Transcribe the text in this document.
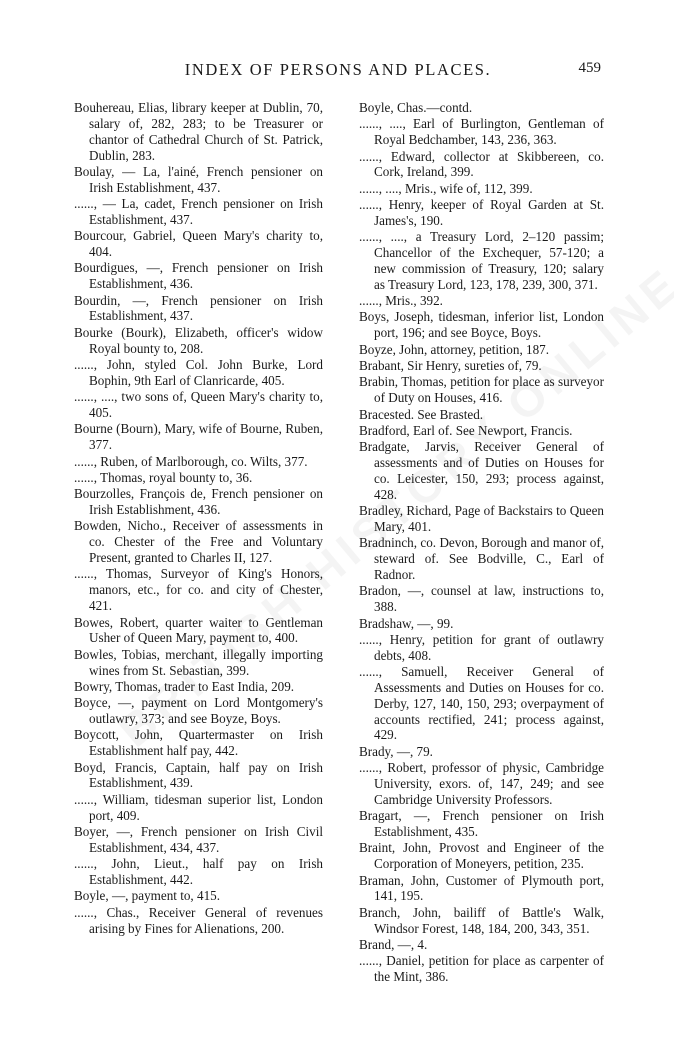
INDEX OF PERSONS AND PLACES.	459

Bouhereau, Elias, library keeper at Dublin, 70, salary of, 282, 283; to be Treasurer or chantor of Cathedral Church of St. Patrick, Dublin, 283.

Boulay, — La, l'ainé, French pensioner on Irish Establishment, 437.

......, — La, cadet, French pensioner on Irish Establishment, 437.

Bourcour, Gabriel, Queen Mary's charity to, 404.

Bourdigues, —, French pensioner on Irish Establishment, 436.

Bourdin, —, French pensioner on Irish Establishment, 437.

Bourke (Bourk), Elizabeth, officer's widow Royal bounty to, 208.

......, John, styled Col. John Burke, Lord Bophin, 9th Earl of Clanricarde, 405.

......, ...., two sons of, Queen Mary's charity to, 405.

Bourne (Bourn), Mary, wife of Bourne, Ruben, 377.

......, Ruben, of Marlborough, co. Wilts, 377.

......, Thomas, royal bounty to, 36.

Bourzolles, François de, French pensioner on Irish Establishment, 436.

Bowden, Nicho., Receiver of assessments in co. Chester of the Free and Voluntary Present, granted to Charles II, 127.

......, Thomas, Surveyor of King's Honors, manors, etc., for co. and city of Chester, 421.

Bowes, Robert, quarter waiter to Gentleman Usher of Queen Mary, payment to, 400.

Bowles, Tobias, merchant, illegally importing wines from St. Sebastian, 399.

Bowry, Thomas, trader to East India, 209.

Boyce, —, payment on Lord Montgomery's outlawry, 373; and see Boyze, Boys.

Boycott, John, Quartermaster on Irish Establishment half pay, 442.

Boyd, Francis, Captain, half pay on Irish Establishment, 439.

......, William, tidesman superior list, London port, 409.

Boyer, —, French pensioner on Irish Civil Establishment, 434, 437.

......, John, Lieut., half pay on Irish Establishment, 442.

Boyle, —, payment to, 415.

......, Chas., Receiver General of revenues arising by Fines for Alienations, 200.

Boyle, Chas.—contd.

......, ...., Earl of Burlington, Gentleman of Royal Bedchamber, 143, 236, 363.

......, Edward, collector at Skibbereen, co. Cork, Ireland, 399.

......, ...., Mris., wife of, 112, 399.

......, Henry, keeper of Royal Garden at St. James's, 190.

......, ...., a Treasury Lord, 2–120 passim; Chancellor of the Exchequer, 57-120; a new commission of Treasury, 120; salary as Treasury Lord, 123, 178, 239, 300, 371.

......, Mris., 392.

Boys, Joseph, tidesman, inferior list, London port, 196; and see Boyce, Boys.

Boyze, John, attorney, petition, 187.

Brabant, Sir Henry, sureties of, 79.

Brabin, Thomas, petition for place as surveyor of Duty on Houses, 416.

Bracested. See Brasted.

Bradford, Earl of. See Newport, Francis.

Bradgate, Jarvis, Receiver General of assessments and of Duties on Houses for co. Leicester, 150, 293; process against, 428.

Bradley, Richard, Page of Backstairs to Queen Mary, 401.

Bradninch, co. Devon, Borough and manor of, steward of. See Bodville, C., Earl of Radnor.

Bradon, —, counsel at law, instructions to, 388.

Bradshaw, —, 99.

......, Henry, petition for grant of outlawry debts, 408.

......, Samuell, Receiver General of Assessments and Duties on Houses for co. Derby, 127, 140, 150, 293; overpayment of accounts rectified, 241; process against, 429.

Brady, —, 79.

......, Robert, professor of physic, Cambridge University, exors. of, 147, 249; and see Cambridge University Professors.

Bragart, —, French pensioner on Irish Establishment, 435.

Braint, John, Provost and Engineer of the Corporation of Moneyers, petition, 235.

Braman, John, Customer of Plymouth port, 141, 195.

Branch, John, bailiff of Battle's Walk, Windsor Forest, 148, 184, 200, 343, 351.

Brand, —, 4.

......, Daniel, petition for place as carpenter of the Mint, 386.
